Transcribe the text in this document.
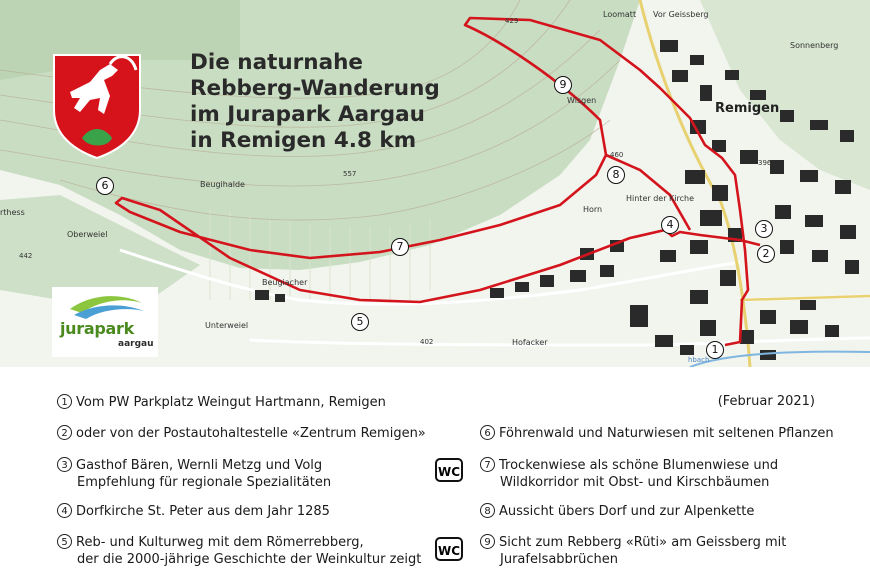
Loomatt Vor Geissberg
Sonnenberg
Wisgen
Beugihalde
Oberweiel
Beugiacher
Unterweiel
Hofacker
Horn
Hinter der Kirche
rthess
429
460
557
442
402
396
hbach
Remigen
Die naturnahe
Rebberg-Wanderung
im Jurapark Aargau
in Remigen 4.8 km
jurapark
aargau	1
2
3
4
5
6
7
8
9
(Februar 2021)
1 Vom PW Parkplatz Weingut Hartmann, Remigen
2 oder von der Postautohaltestelle «Zentrum Remigen»
3 Gasthof Bären, Wernli Metzg und Volg
Empfehlung für regionale Spezialitäten
4 Dorfkirche St. Peter aus dem Jahr 1285
5 Reb- und Kulturweg mit dem Römerrebberg,
der die 2000-jährige Geschichte der Weinkultur zeigt
6 Föhrenwald und Naturwiesen mit seltenen Pflanzen
7 Trockenwiese als schöne Blumenwiese und
Wildkorridor mit Obst- und Kirschbäumen
8 Aussicht übers Dorf und zur Alpenkette
9 Sicht zum Rebberg «Rüti» am Geissberg mit
Jurafelsabbrüchen
WC
WC
